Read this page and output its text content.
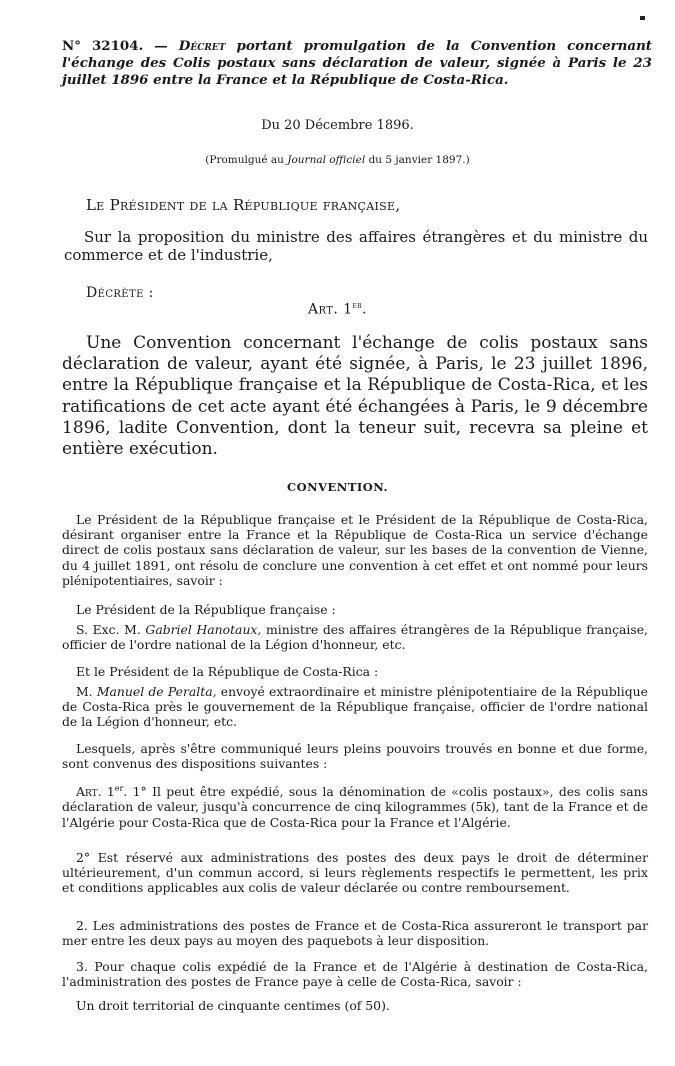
N° 32104. — Décret portant promulgation de la Convention concernant l'échange des Colis postaux sans déclaration de valeur, signée à Paris le 23 juillet 1896 entre la France et la République de Costa-Rica.
Du 20 Décembre 1896.
(Promulgué au Journal officiel du 5 janvier 1897.)
Le Président de la République française,
Sur la proposition du ministre des affaires étrangères et du ministre du commerce et de l'industrie,
Décrète :
Art. 1er.
Une Convention concernant l'échange de colis postaux sans déclaration de valeur, ayant été signée, à Paris, le 23 juillet 1896, entre la République française et la République de Costa-Rica, et les ratifications de cet acte ayant été échangées à Paris, le 9 décembre 1896, ladite Convention, dont la teneur suit, recevra sa pleine et entière exécution.
CONVENTION.
Le Président de la République française et le Président de la République de Costa-Rica, désirant organiser entre la France et la République de Costa-Rica un service d'échange direct de colis postaux sans déclaration de valeur, sur les bases de la convention de Vienne, du 4 juillet 1891, ont résolu de conclure une convention à cet effet et ont nommé pour leurs plénipotentiaires, savoir :
Le Président de la République française :
S. Exc. M. Gabriel Hanotaux, ministre des affaires étrangères de la République française, officier de l'ordre national de la Légion d'honneur, etc.
Et le Président de la République de Costa-Rica :
M. Manuel de Peralta, envoyé extraordinaire et ministre plénipotentiaire de la République de Costa-Rica près le gouvernement de la République française, officier de l'ordre national de la Légion d'honneur, etc.
Lesquels, après s'être communiqué leurs pleins pouvoirs trouvés en bonne et due forme, sont convenus des dispositions suivantes :
Art. 1er. 1° Il peut être expédié, sous la dénomination de «colis postaux», des colis sans déclaration de valeur, jusqu'à concurrence de cinq kilogrammes (5k), tant de la France et de l'Algérie pour Costa-Rica que de Costa-Rica pour la France et l'Algérie.
2° Est réservé aux administrations des postes des deux pays le droit de déterminer ultérieurement, d'un commun accord, si leurs règlements respectifs le permettent, les prix et conditions applicables aux colis de valeur déclarée ou contre remboursement.
2. Les administrations des postes de France et de Costa-Rica assureront le transport par mer entre les deux pays au moyen des paquebots à leur disposition.
3. Pour chaque colis expédié de la France et de l'Algérie à destination de Costa-Rica, l'administration des postes de France paye à celle de Costa-Rica, savoir :
Un droit territorial de cinquante centimes (of 50).
